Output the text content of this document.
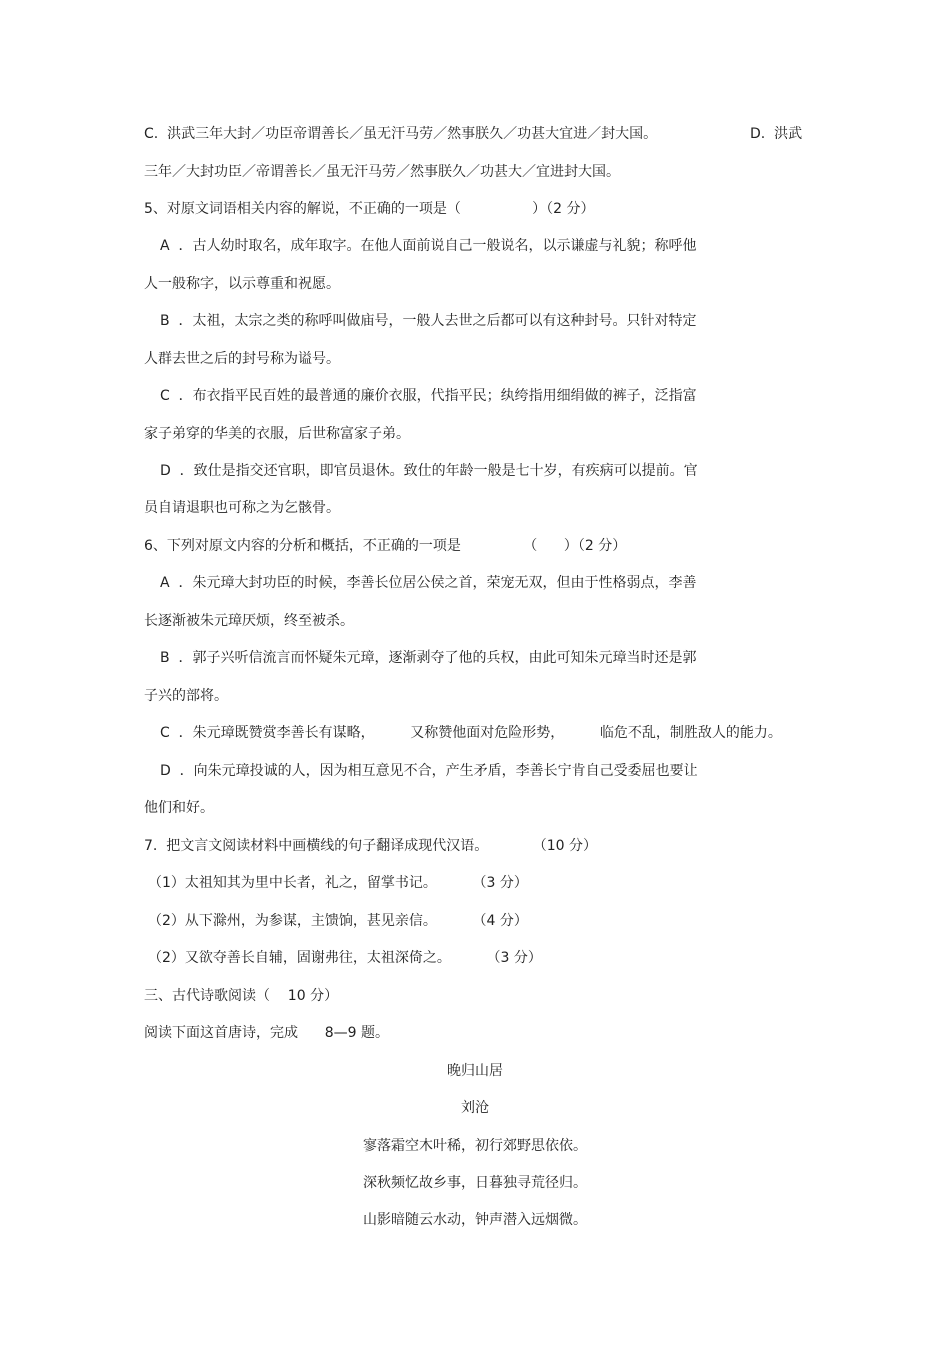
C.  洪武三年大封／功臣帝谓善长／虽无汗马劳／然事朕久／功甚大宜进／封大国。	D.  洪武
三年／大封功臣／帝谓善长／虽无汗马劳／然事朕久／功甚大／宜进封大国。
5、对原文词语相关内容的解说，不正确的一项是（                ）（2 分）
A  ．古人幼时取名，成年取字。在他人面前说自己一般说名，以示谦虚与礼貌；称呼他
人一般称字，以示尊重和祝愿。
B  ．太祖，太宗之类的称呼叫做庙号，一般人去世之后都可以有这种封号。只针对特定
人群去世之后的封号称为谥号。
C  ．布衣指平民百姓的最普通的廉价衣服，代指平民；纨绔指用细绢做的裤子，泛指富
家子弟穿的华美的衣服，后世称富家子弟。
D  ．致仕是指交还官职，即官员退休。致仕的年龄一般是七十岁，有疾病可以提前。官
员自请退职也可称之为乞骸骨。
6、下列对原文内容的分析和概括，不正确的一项是              （      ）（2 分）
A  ．朱元璋大封功臣的时候，李善长位居公侯之首，荣宠无双，但由于性格弱点，李善
长逐渐被朱元璋厌烦，终至被杀。
B  ．郭子兴听信流言而怀疑朱元璋，逐渐剥夺了他的兵权，由此可知朱元璋当时还是郭
子兴的部将。
C  ．朱元璋既赞赏李善长有谋略，        又称赞他面对危险形势，        临危不乱，制胜敌人的能力。
D  ．向朱元璋投诚的人，因为相互意见不合，产生矛盾，李善长宁肯自己受委屈也要让
他们和好。
7.  把文言文阅读材料中画横线的句子翻译成现代汉语。          （10 分）
（1）太祖知其为里中长者，礼之，留掌书记。        （3 分）
（2）从下滁州，为参谋，主馈饷，甚见亲信。        （4 分）
（2）又欲夺善长自辅，固谢弗往，太祖深倚之。        （3 分）
三、古代诗歌阅读（    10 分）
阅读下面这首唐诗，完成      8—9 题。
晚归山居
刘沧
寥落霜空木叶稀，初行郊野思依依。
深秋频忆故乡事，日暮独寻荒径归。
山影暗随云水动，钟声潜入远烟微。
